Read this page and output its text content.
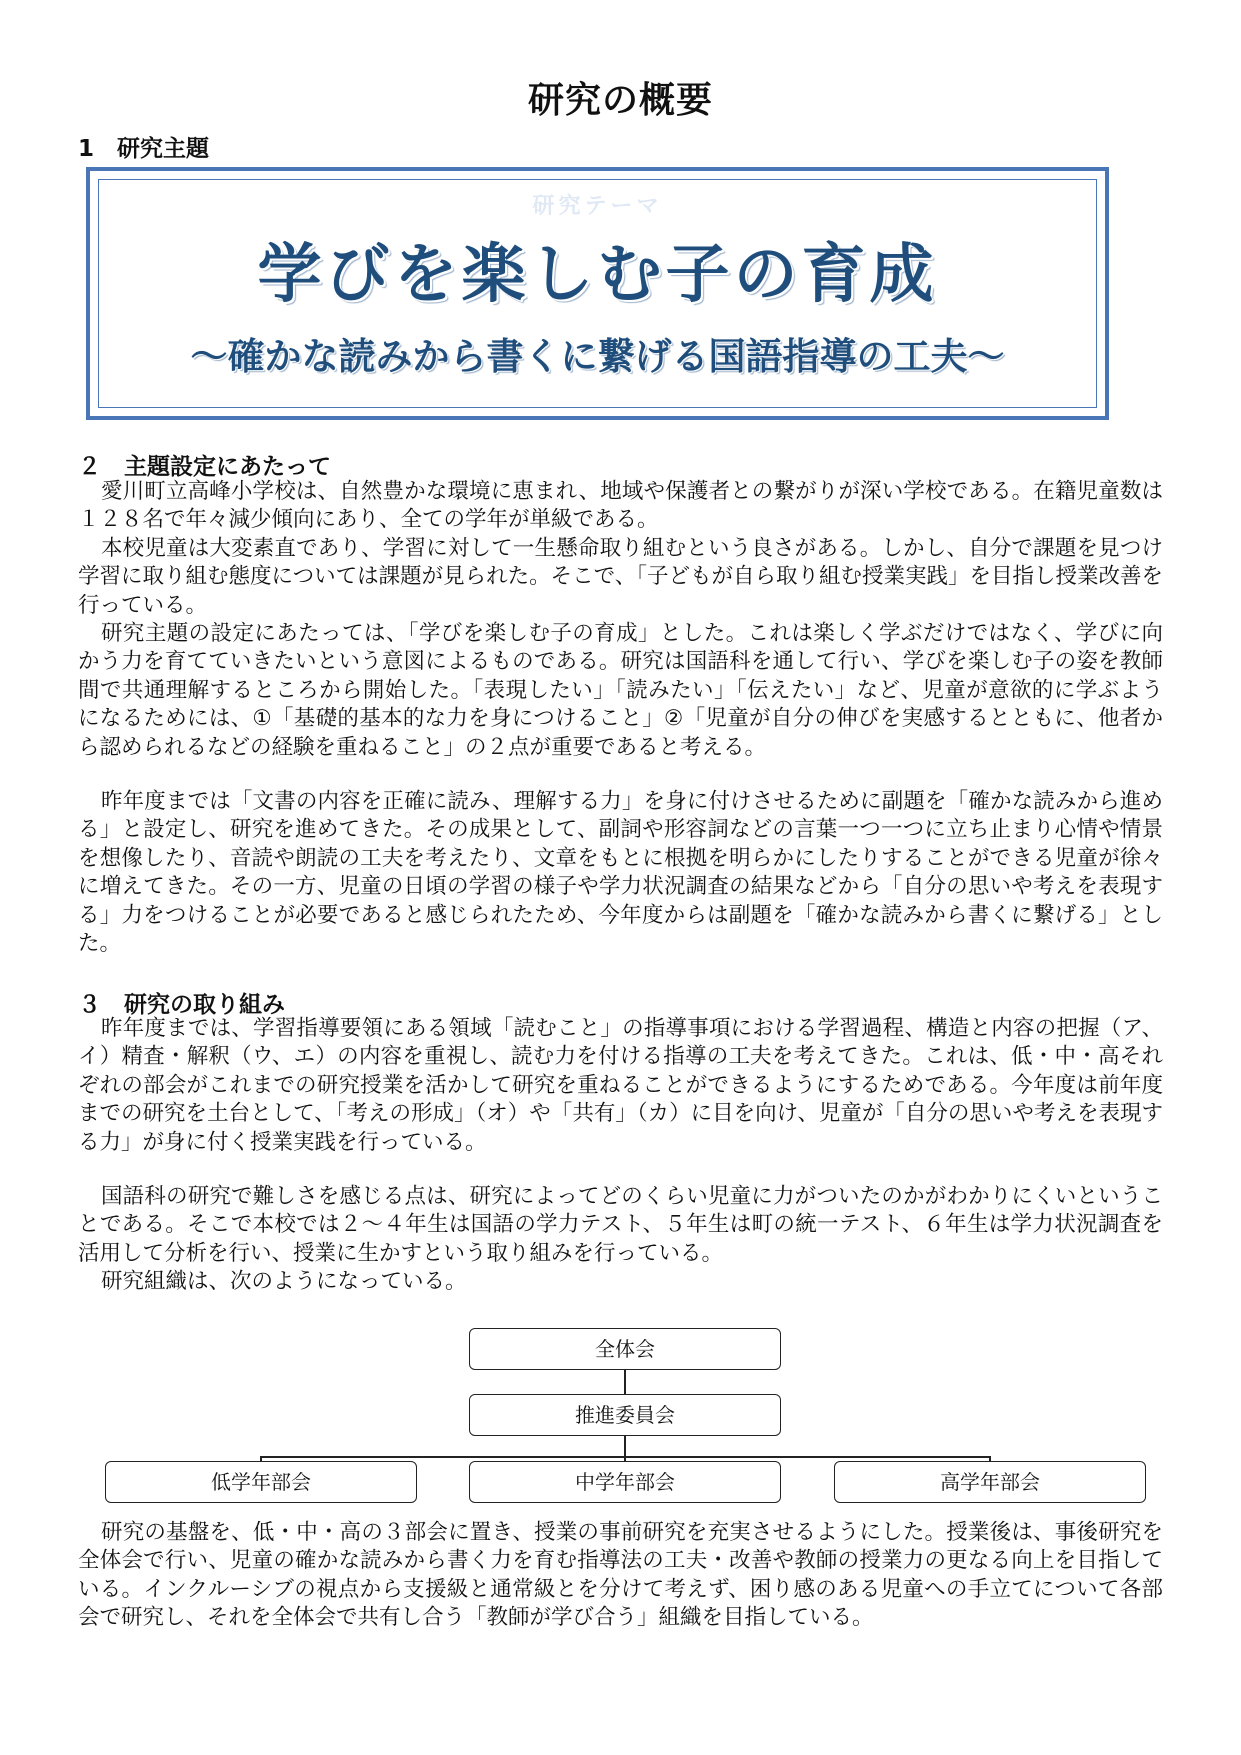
研究の概要
1　研究主題
研究テーマ
学びを楽しむ子の育成
～確かな読みから書くに繋げる国語指導の工夫～
２　主題設定にあたって

愛川町立高峰小学校は、自然豊かな環境に恵まれ、地域や保護者との繋がりが深い学校である。在籍児童数は１２８名で年々減少傾向にあり、全ての学年が単級である。

本校児童は大変素直であり、学習に対して一生懸命取り組むという良さがある。しかし、自分で課題を見つけ学習に取り組む態度については課題が見られた。そこで、「子どもが自ら取り組む授業実践」を目指し授業改善を行っている。

研究主題の設定にあたっては、「学びを楽しむ子の育成」とした。これは楽しく学ぶだけではなく、学びに向かう力を育てていきたいという意図によるものである。研究は国語科を通して行い、学びを楽しむ子の姿を教師間で共通理解するところから開始した。「表現したい」「読みたい」「伝えたい」など、児童が意欲的に学ぶようになるためには、①「基礎的基本的な力を身につけること」②「児童が自分の伸びを実感するとともに、他者から認められるなどの経験を重ねること」の２点が重要であると考える。

昨年度までは「文書の内容を正確に読み、理解する力」を身に付けさせるために副題を「確かな読みから進める」と設定し、研究を進めてきた。その成果として、副詞や形容詞などの言葉一つ一つに立ち止まり心情や情景を想像したり、音読や朗読の工夫を考えたり、文章をもとに根拠を明らかにしたりすることができる児童が徐々に増えてきた。その一方、児童の日頃の学習の様子や学力状況調査の結果などから「自分の思いや考えを表現する」力をつけることが必要であると感じられたため、今年度からは副題を「確かな読みから書くに繋げる」とした。

３　研究の取り組み

昨年度までは、学習指導要領にある領域「読むこと」の指導事項における学習過程、構造と内容の把握（ア、イ）精査・解釈（ウ、エ）の内容を重視し、読む力を付ける指導の工夫を考えてきた。これは、低・中・高それぞれの部会がこれまでの研究授業を活かして研究を重ねることができるようにするためである。今年度は前年度までの研究を土台として、「考えの形成」（オ）や「共有」（カ）に目を向け、児童が「自分の思いや考えを表現する力」が身に付く授業実践を行っている。

国語科の研究で難しさを感じる点は、研究によってどのくらい児童に力がついたのかがわかりにくいということである。そこで本校では２～４年生は国語の学力テスト、５年生は町の統一テスト、６年生は学力状況調査を活用して分析を行い、授業に生かすという取り組みを行っている。

研究組織は、次のようになっている。

全体会
推進委員会
低学年部会	中学年部会	高学年部会

研究の基盤を、低・中・高の３部会に置き、授業の事前研究を充実させるようにした。授業後は、事後研究を全体会で行い、児童の確かな読みから書く力を育む指導法の工夫・改善や教師の授業力の更なる向上を目指している。インクルーシブの視点から支援級と通常級とを分けて考えず、困り感のある児童への手立てについて各部会で研究し、それを全体会で共有し合う「教師が学び合う」組織を目指している。
